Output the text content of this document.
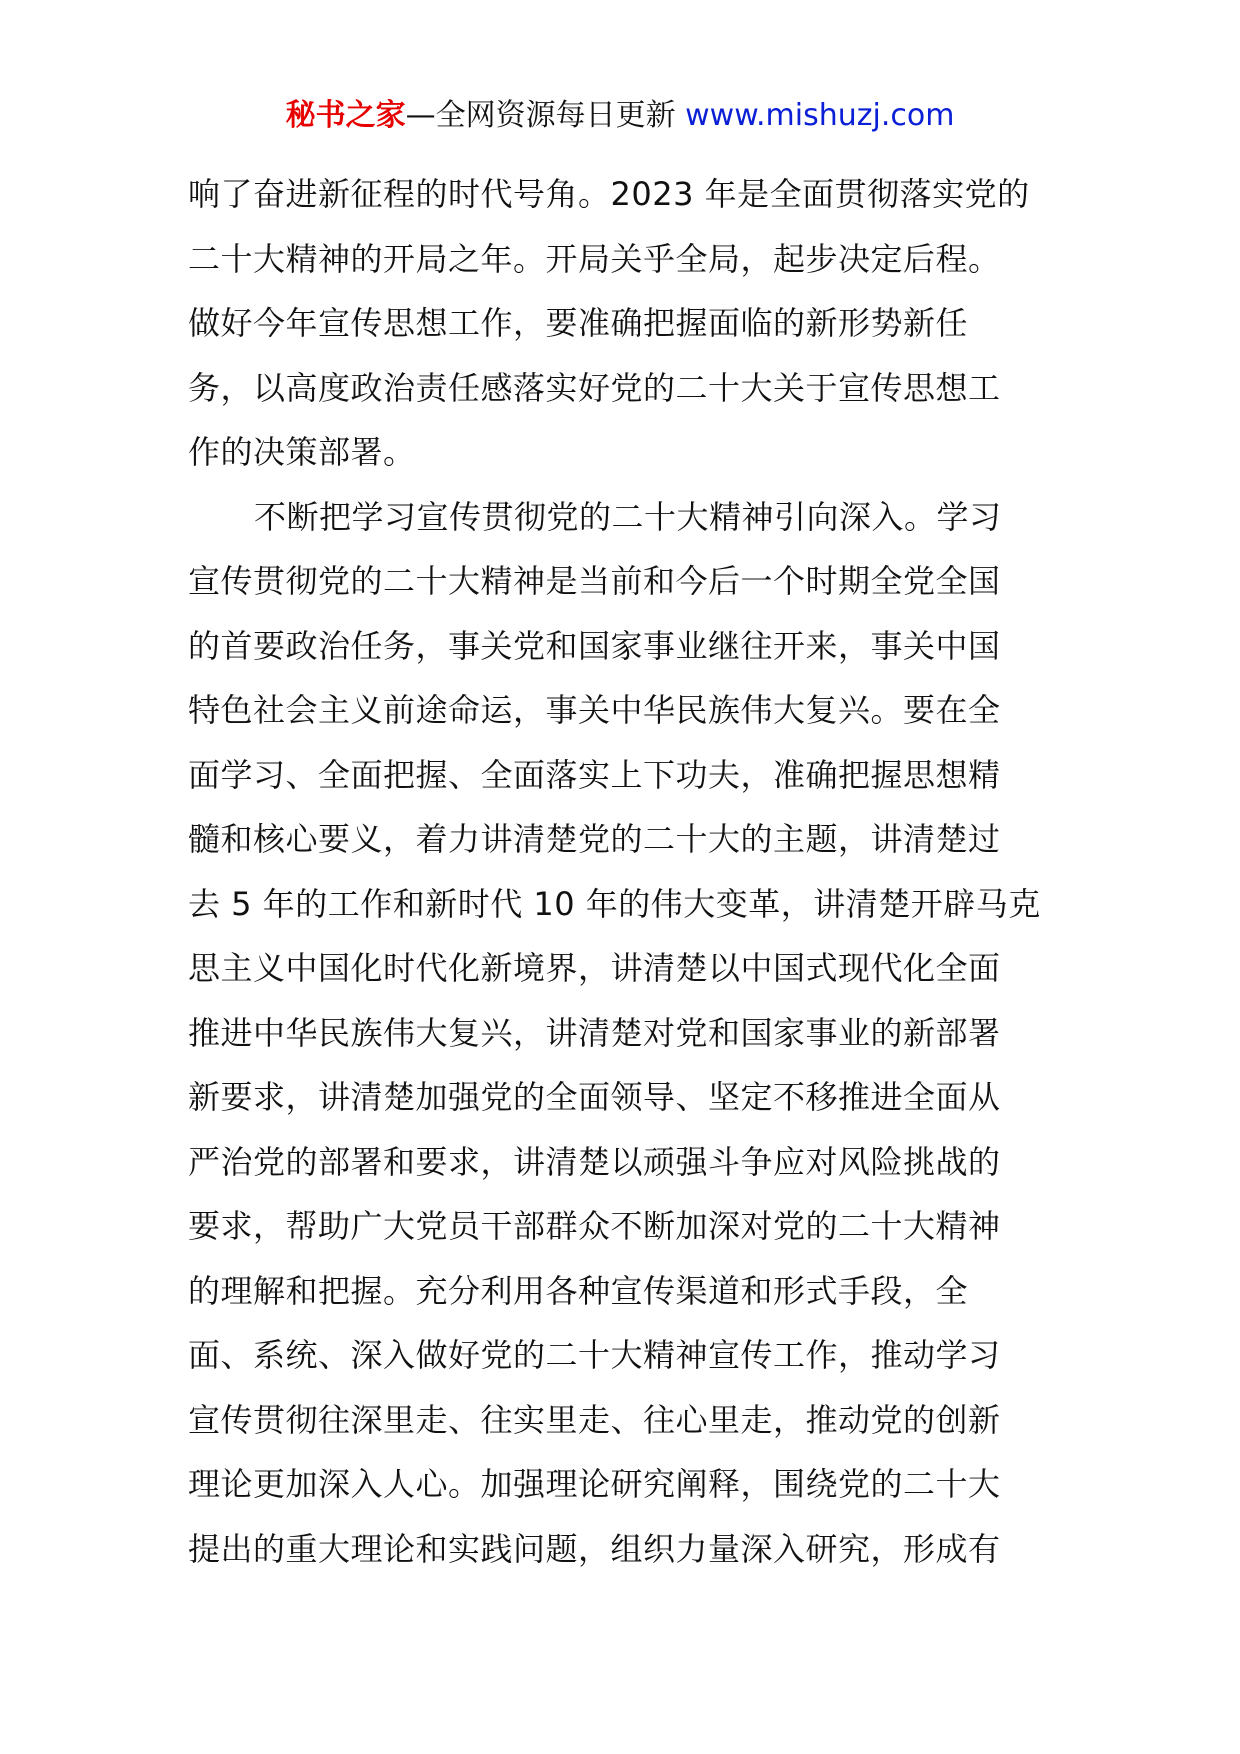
秘书之家—全网资源每日更新 www.mishuzj.com
响了奋进新征程的时代号角。2023 年是全面贯彻落实党的
二十大精神的开局之年。开局关乎全局，起步决定后程。
做好今年宣传思想工作，要准确把握面临的新形势新任
务，以高度政治责任感落实好党的二十大关于宣传思想工
作的决策部署。
不断把学习宣传贯彻党的二十大精神引向深入。学习
宣传贯彻党的二十大精神是当前和今后一个时期全党全国
的首要政治任务，事关党和国家事业继往开来，事关中国
特色社会主义前途命运，事关中华民族伟大复兴。要在全
面学习、全面把握、全面落实上下功夫，准确把握思想精
髓和核心要义，着力讲清楚党的二十大的主题，讲清楚过
去 5 年的工作和新时代 10 年的伟大变革，讲清楚开辟马克
思主义中国化时代化新境界，讲清楚以中国式现代化全面
推进中华民族伟大复兴，讲清楚对党和国家事业的新部署
新要求，讲清楚加强党的全面领导、坚定不移推进全面从
严治党的部署和要求，讲清楚以顽强斗争应对风险挑战的
要求，帮助广大党员干部群众不断加深对党的二十大精神
的理解和把握。充分利用各种宣传渠道和形式手段，全
面、系统、深入做好党的二十大精神宣传工作，推动学习
宣传贯彻往深里走、往实里走、往心里走，推动党的创新
理论更加深入人心。加强理论研究阐释，围绕党的二十大
提出的重大理论和实践问题，组织力量深入研究，形成有
